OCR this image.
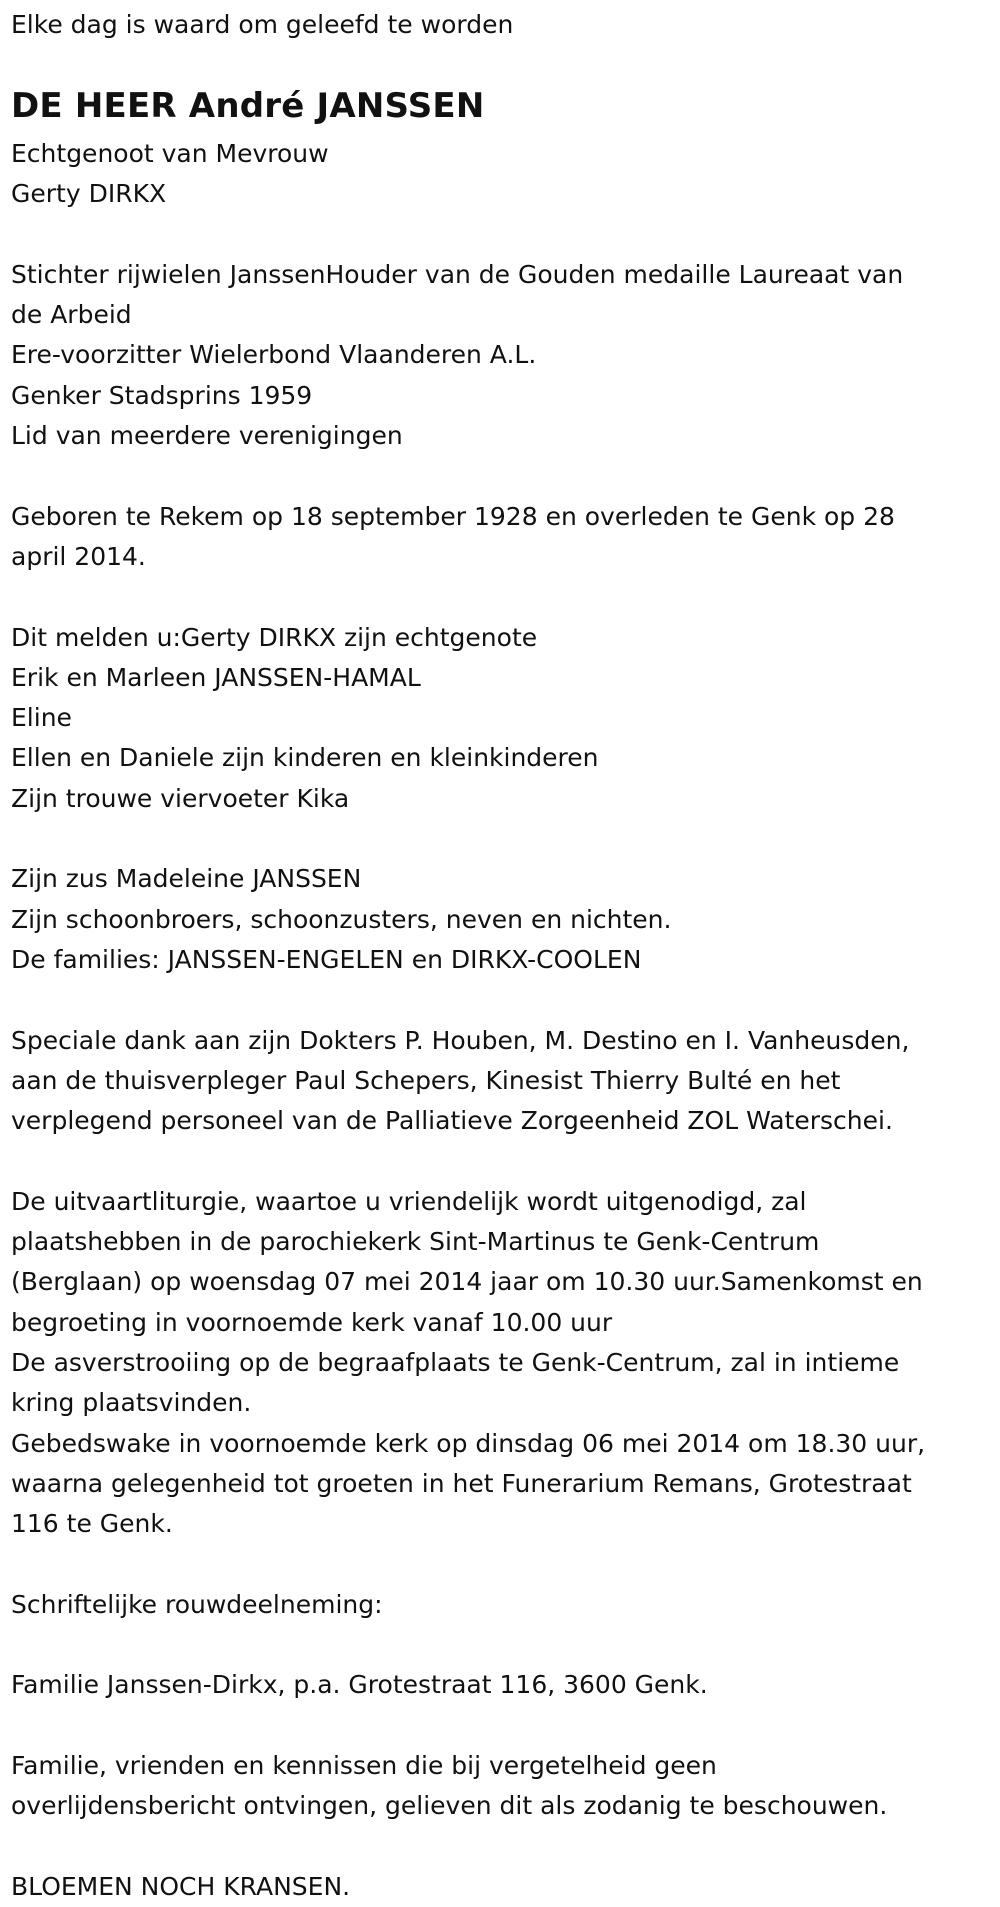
Elke dag is waard om geleefd te worden

DE HEER André JANSSEN
Echtgenoot van Mevrouw
Gerty DIRKX
Stichter rijwielen JanssenHouder van de Gouden medaille Laureaat van
de Arbeid
Ere-voorzitter Wielerbond Vlaanderen A.L.
Genker Stadsprins 1959
Lid van meerdere verenigingen
Geboren te Rekem op 18 september 1928 en overleden te Genk op 28
april 2014.
Dit melden u:Gerty DIRKX zijn echtgenote
Erik en Marleen JANSSEN-HAMAL
Eline
Ellen en Daniele zijn kinderen en kleinkinderen
Zijn trouwe viervoeter Kika
Zijn zus Madeleine JANSSEN
Zijn schoonbroers, schoonzusters, neven en nichten.
De families: JANSSEN-ENGELEN en DIRKX-COOLEN
Speciale dank aan zijn Dokters P. Houben, M. Destino en I. Vanheusden,
aan de thuisverpleger Paul Schepers, Kinesist Thierry Bulté en het
verplegend personeel van de Palliatieve Zorgeenheid ZOL Waterschei.
De uitvaartliturgie, waartoe u vriendelijk wordt uitgenodigd, zal
plaatshebben in de parochiekerk Sint-Martinus te Genk-Centrum
(Berglaan) op woensdag 07 mei 2014 jaar om 10.30 uur.Samenkomst en
begroeting in voornoemde kerk vanaf 10.00 uur
De asverstrooiing op de begraafplaats te Genk-Centrum, zal in intieme
kring plaatsvinden.
Gebedswake in voornoemde kerk op dinsdag 06 mei 2014 om 18.30 uur,
waarna gelegenheid tot groeten in het Funerarium Remans, Grotestraat
116 te Genk.
Schriftelijke rouwdeelneming:
Familie Janssen-Dirkx, p.a. Grotestraat 116, 3600 Genk.
Familie, vrienden en kennissen die bij vergetelheid geen
overlijdensbericht ontvingen, gelieven dit als zodanig te beschouwen.
BLOEMEN NOCH KRANSEN.
